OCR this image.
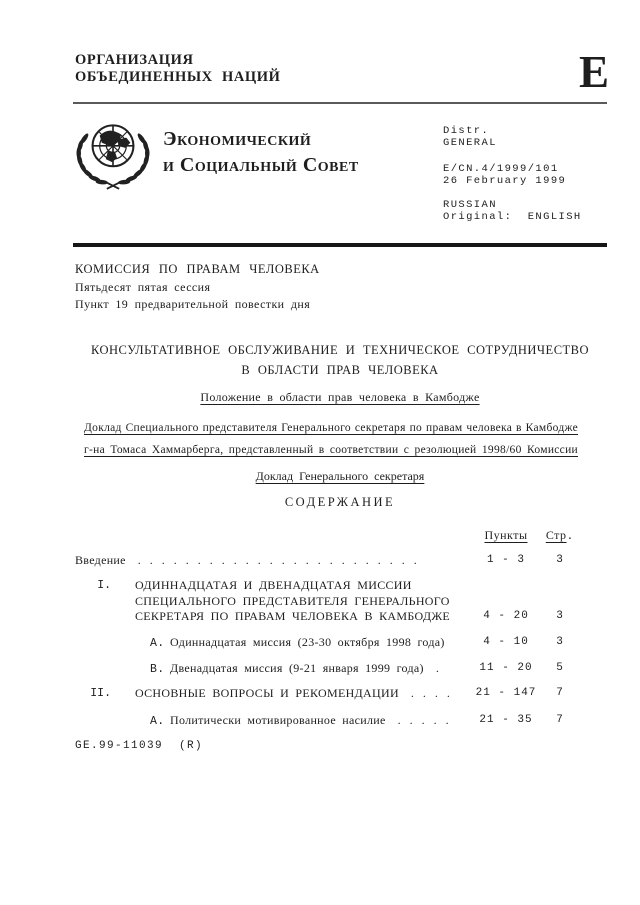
ОРГАНИЗАЦИЯ
ОБЪЕДИНЕННЫХ НАЦИЙ	E
Экономический
и Социальный Совет
Distr.
GENERAL
E/CN.4/1999/101
26 February 1999
RUSSIAN
Original:  ENGLISH
КОМИССИЯ ПО ПРАВАМ ЧЕЛОВЕКА
Пятьдесят пятая сессия
Пункт 19 предварительной повестки дня
КОНСУЛЬТАТИВНОЕ ОБСЛУЖИВАНИЕ И ТЕХНИЧЕСКОЕ СОТРУДНИЧЕСТВО
В ОБЛАСТИ ПРАВ ЧЕЛОВЕКА
Положение в области прав человека в Камбодже
Доклад Специального представителя Генерального секретаря по правам человека в Камбодже
г-на Томаса Хаммарберга, представленный в соответствии с резолюцией 1998/60 Комиссии
Доклад Генерального секретаря
СОДЕРЖАНИЕ
Пункты	Стр.
Введение . . . . . . . . . . . . . . . . . . . . . . . .	1 - 3	3
I.	ОДИННАДЦАТАЯ И ДВЕНАДЦАТАЯ МИССИИ
СПЕЦИАЛЬНОГО ПРЕДСТАВИТЕЛЯ ГЕНЕРАЛЬНОГО
СЕКРЕТАРЯ ПО ПРАВАМ ЧЕЛОВЕКА В КАМБОДЖЕ	4 - 20	3
A. Одиннадцатая миссия (23-30 октября 1998 года)	4 - 10	3
B. Двенадцатая миссия (9-21 января 1999 года) .	11 - 20	5
II.	ОСНОВНЫЕ ВОПРОСЫ И РЕКОМЕНДАЦИИ . . . .	21 - 147	7
A. Политически мотивированное насилие . . . . .	21 - 35	7
GE.99-11039  (R)
